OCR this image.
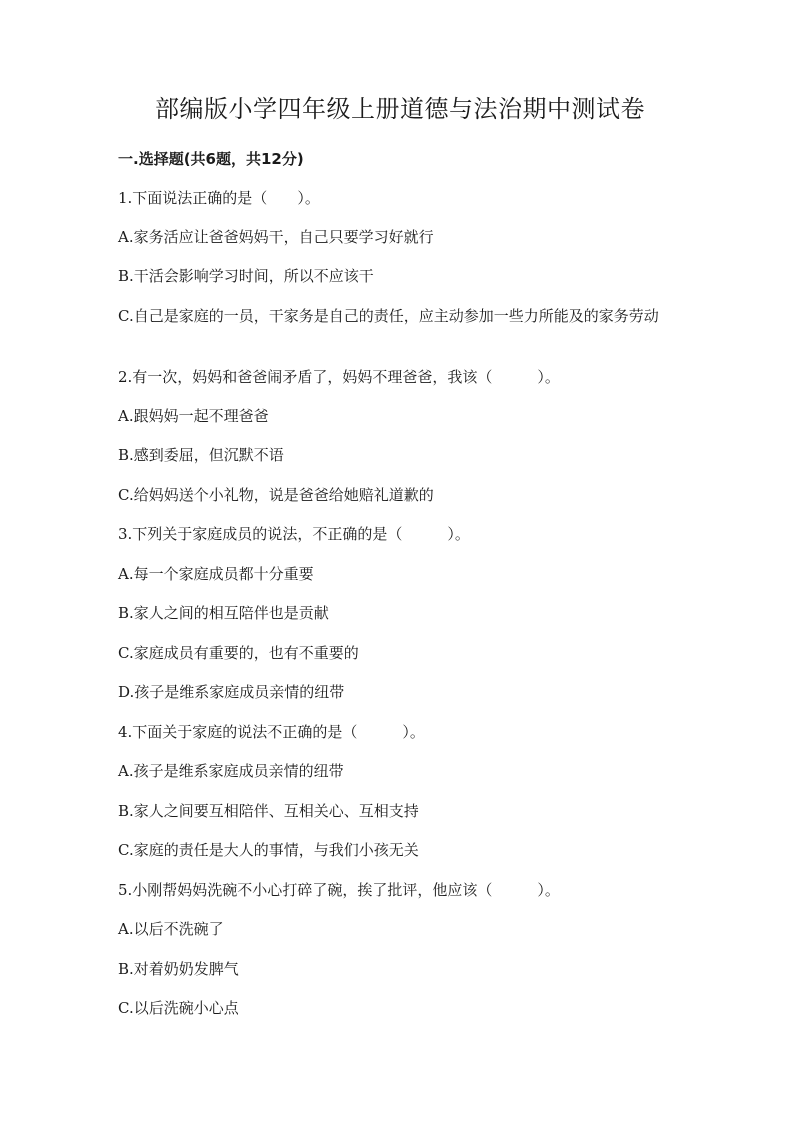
部编版小学四年级上册道德与法治期中测试卷
一.选择题(共6题，共12分)
1.下面说法正确的是（　　）。
A.家务活应让爸爸妈妈干，自己只要学习好就行
B.干活会影响学习时间，所以不应该干
C.自己是家庭的一员，干家务是自己的责任，应主动参加一些力所能及的家务劳动
2.有一次，妈妈和爸爸闹矛盾了，妈妈不理爸爸，我该（　　　）。
A.跟妈妈一起不理爸爸
B.感到委屈，但沉默不语
C.给妈妈送个小礼物，说是爸爸给她赔礼道歉的
3.下列关于家庭成员的说法，不正确的是（　　　）。
A.每一个家庭成员都十分重要
B.家人之间的相互陪伴也是贡献
C.家庭成员有重要的，也有不重要的
D.孩子是维系家庭成员亲情的纽带
4.下面关于家庭的说法不正确的是（　　　）。
A.孩子是维系家庭成员亲情的纽带
B.家人之间要互相陪伴、互相关心、互相支持
C.家庭的责任是大人的事情，与我们小孩无关
5.小刚帮妈妈洗碗不小心打碎了碗，挨了批评，他应该（　　　）。
A.以后不洗碗了
B.对着奶奶发脾气
C.以后洗碗小心点
